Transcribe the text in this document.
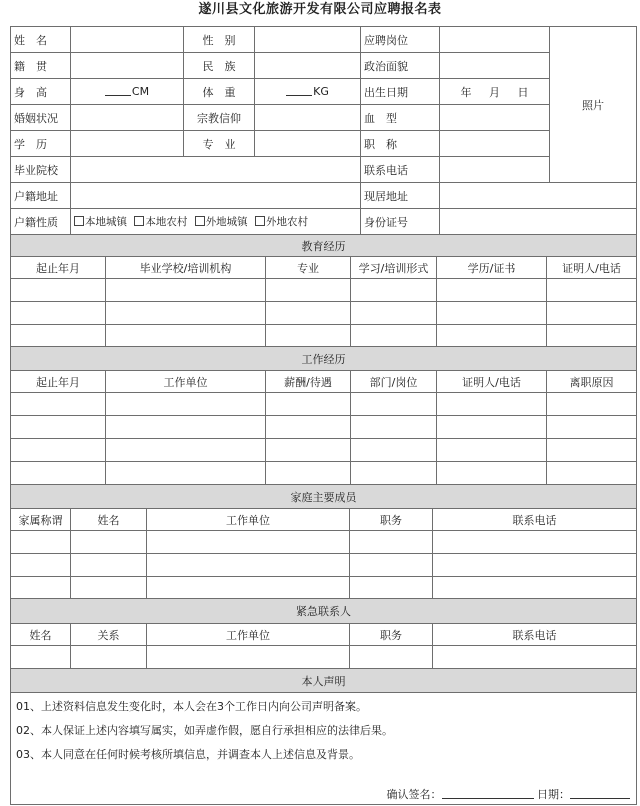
遂川县文化旅游开发有限公司应聘报名表
姓　名		性　别		应聘岗位		照片
籍　贯		民　族		政治面貌		
身　高	CM	体　重	KG	出生日期	年 月 日	
婚姻状况		宗教信仰		血　型		
学　历		专　业		职　称		
毕业院校				联系电话		
户籍地址				现居地址		
户籍性质	本地城镇 本地农村 外地城镇 外地农村			身份证号		
教育经历					
起止年月	毕业学校/培训机构	专业	学习/培训形式	学历/证书	证明人/电话

工作经历					
起止年月	工作单位	薪酬/待遇	部门/岗位	证明人/电话	离职原因

家庭主要成员				
家属称谓	姓名	工作单位	职务	联系电话

紧急联系人				
姓名	关系	工作单位	职务	联系电话

本人声明

01、上述资料信息发生变化时，本人会在3个工作日内向公司声明备案。
02、本人保证上述内容填写属实，如弄虚作假，愿自行承担相应的法律后果。
03、本人同意在任何时候考核所填信息，并调查本人上述信息及背景。
确认签名：	日期：
